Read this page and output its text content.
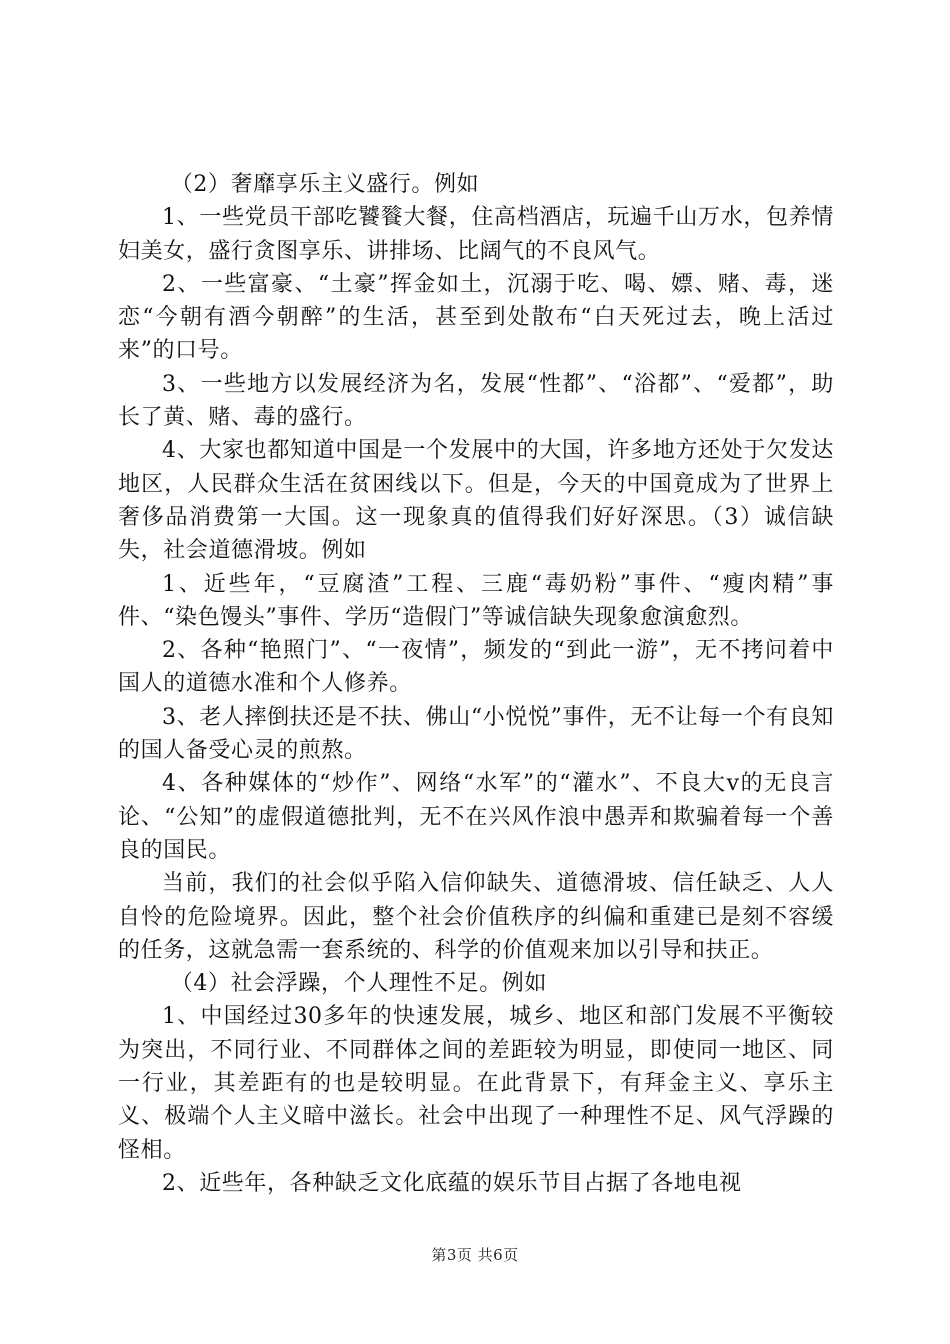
（2）奢靡享乐主义盛行。例如

1、一些党员干部吃饕餮大餐，住高档酒店，玩遍千山万水，包养情妇美女，盛行贪图享乐、讲排场、比阔气的不良风气。

2、一些富豪、“土豪”挥金如土，沉溺于吃、喝、嫖、赌、毒，迷恋“今朝有酒今朝醉”的生活，甚至到处散布“白天死过去，晚上活过来”的口号。

3、一些地方以发展经济为名，发展“性都”、“浴都”、“爱都”，助长了黄、赌、毒的盛行。

4、大家也都知道中国是一个发展中的大国，许多地方还处于欠发达地区，人民群众生活在贫困线以下。但是，今天的中国竟成为了世界上奢侈品消费第一大国。这一现象真的值得我们好好深思。（3）诚信缺失，社会道德滑坡。例如

1、近些年，“豆腐渣”工程、三鹿“毒奶粉”事件、“瘦肉精”事件、“染色馒头”事件、学历“造假门”等诚信缺失现象愈演愈烈。

2、各种“艳照门”、“一夜情”，频发的“到此一游”，无不拷问着中国人的道德水准和个人修养。

3、老人摔倒扶还是不扶、佛山“小悦悦”事件，无不让每一个有良知的国人备受心灵的煎熬。

4、各种媒体的“炒作”、网络“水军”的“灌水”、不良大v的无良言论、“公知”的虚假道德批判，无不在兴风作浪中愚弄和欺骗着每一个善良的国民。

当前，我们的社会似乎陷入信仰缺失、道德滑坡、信任缺乏、人人自怜的危险境界。因此，整个社会价值秩序的纠偏和重建已是刻不容缓的任务，这就急需一套系统的、科学的价值观来加以引导和扶正。

（4）社会浮躁，个人理性不足。例如

1、中国经过30多年的快速发展，城乡、地区和部门发展不平衡较为突出，不同行业、不同群体之间的差距较为明显，即使同一地区、同一行业，其差距有的也是较明显。在此背景下，有拜金主义、享乐主义、极端个人主义暗中滋长。社会中出现了一种理性不足、风气浮躁的怪相。

2、近些年，各种缺乏文化底蕴的娱乐节目占据了各地电视

第3页 共6页
